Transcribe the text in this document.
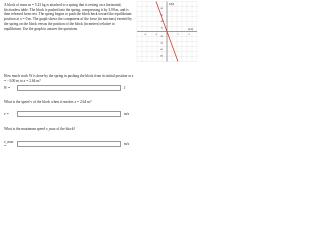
A block of mass m = 5.23 kg is attached to a spring that is resting on a horizontal, frictionless table. The block is pushed into the spring, compressing it by 3.00 m, and is then released from rest. The spring begins to push the block back toward the equilibrium position at x = 0 m. The graph shows the component of the force (in newtons) exerted by the spring on the block versus the position of the block (in meters) relative to equilibrium. Use the graph to answer the questions.
How much work W is done by the spring in pushing the block from its initial position at x = −3.00 m to x = 2.64 m?
W =	J
What is the speed v of the block when it reaches x = 2.64 m?
v =	m/s
What is the maximum speed v_max of the block?
v_max =	m/s
F(N)
x(m)
80
60
40
20
-20
-40
-60
-80
-4	-2	2	4
